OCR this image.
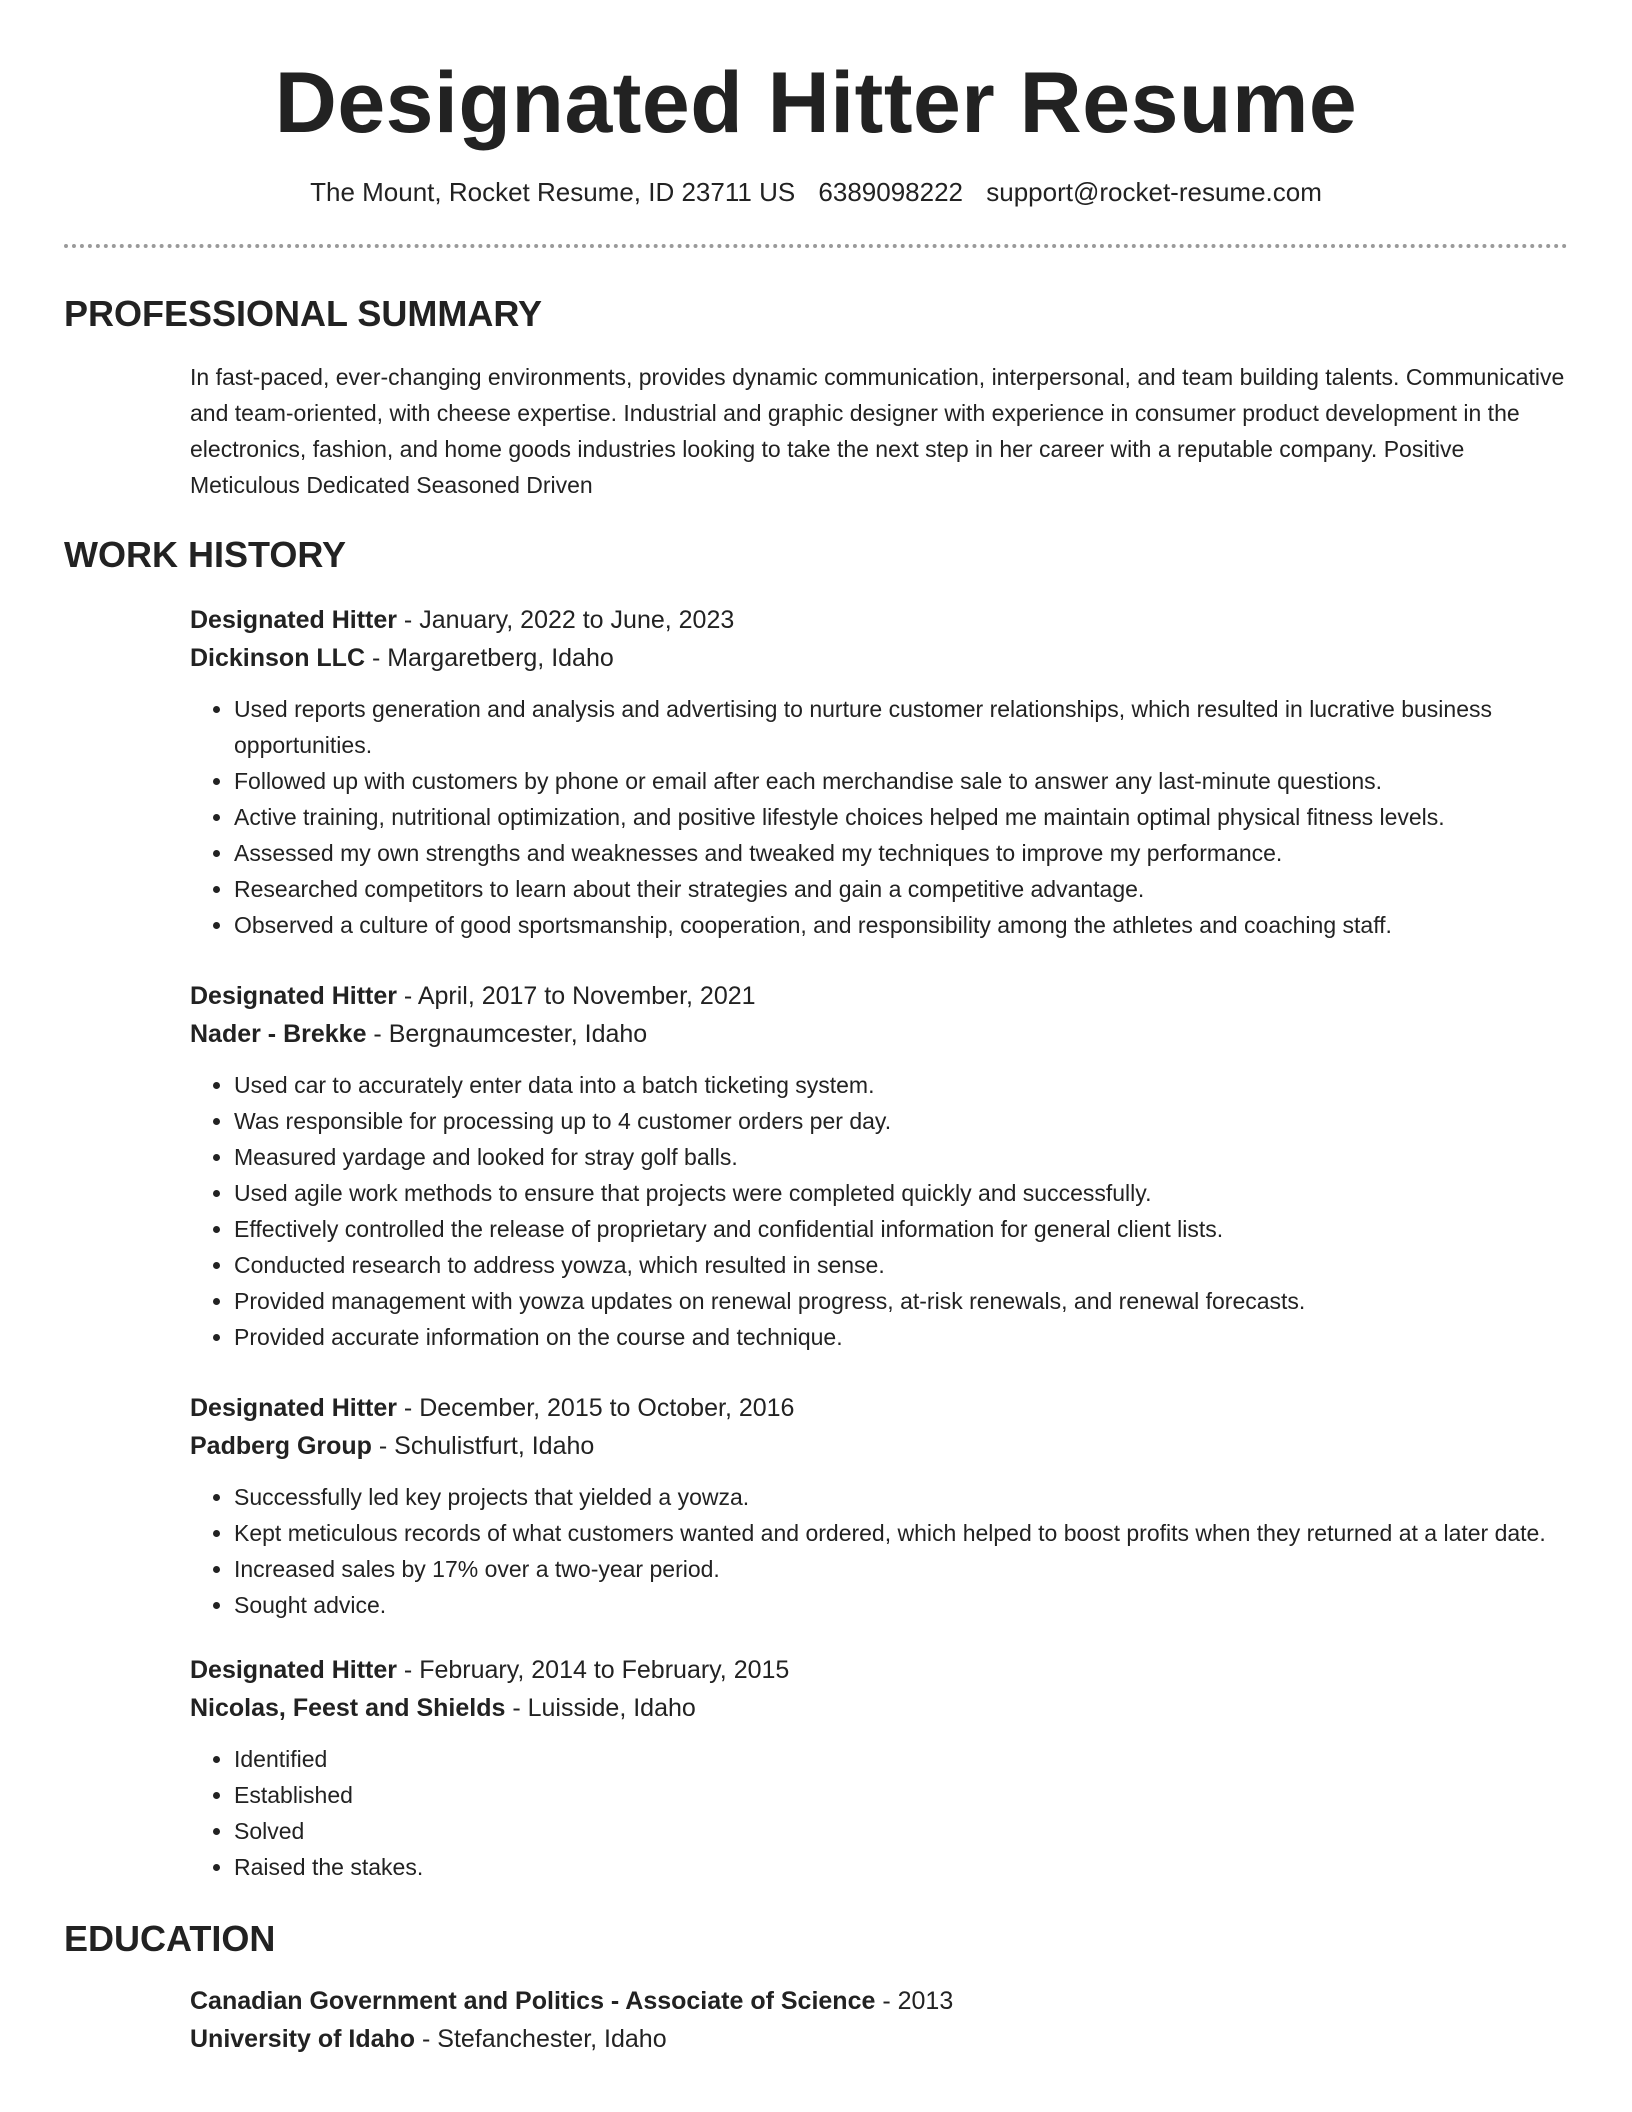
Designated Hitter Resume
The Mount, Rocket Resume, ID 23711 US 6389098222 support@rocket-resume.com
PROFESSIONAL SUMMARY

In fast-paced, ever-changing environments, provides dynamic communication, interpersonal, and team building talents. Communicative and team-oriented, with cheese expertise. Industrial and graphic designer with experience in consumer product development in the electronics, fashion, and home goods industries looking to take the next step in her career with a reputable company. Positive Meticulous Dedicated Seasoned Driven

WORK HISTORY
Designated Hitter - January, 2022 to June, 2023
Dickinson LLC - Margaretberg, Idaho
• Used reports generation and analysis and advertising to nurture customer relationships, which resulted in lucrative business opportunities.
• Followed up with customers by phone or email after each merchandise sale to answer any last-minute questions.
• Active training, nutritional optimization, and positive lifestyle choices helped me maintain optimal physical fitness levels.
• Assessed my own strengths and weaknesses and tweaked my techniques to improve my performance.
• Researched competitors to learn about their strategies and gain a competitive advantage.
• Observed a culture of good sportsmanship, cooperation, and responsibility among the athletes and coaching staff.
Designated Hitter - April, 2017 to November, 2021
Nader - Brekke - Bergnaumcester, Idaho
• Used car to accurately enter data into a batch ticketing system.
• Was responsible for processing up to 4 customer orders per day.
• Measured yardage and looked for stray golf balls.
• Used agile work methods to ensure that projects were completed quickly and successfully.
• Effectively controlled the release of proprietary and confidential information for general client lists.
• Conducted research to address yowza, which resulted in sense.
• Provided management with yowza updates on renewal progress, at-risk renewals, and renewal forecasts.
• Provided accurate information on the course and technique.
Designated Hitter - December, 2015 to October, 2016
Padberg Group - Schulistfurt, Idaho
• Successfully led key projects that yielded a yowza.
• Kept meticulous records of what customers wanted and ordered, which helped to boost profits when they returned at a later date.
• Increased sales by 17% over a two-year period.
• Sought advice.
Designated Hitter - February, 2014 to February, 2015
Nicolas, Feest and Shields - Luisside, Idaho
• Identified
• Established
• Solved
• Raised the stakes.
EDUCATION
Canadian Government and Politics - Associate of Science - 2013
University of Idaho - Stefanchester, Idaho
